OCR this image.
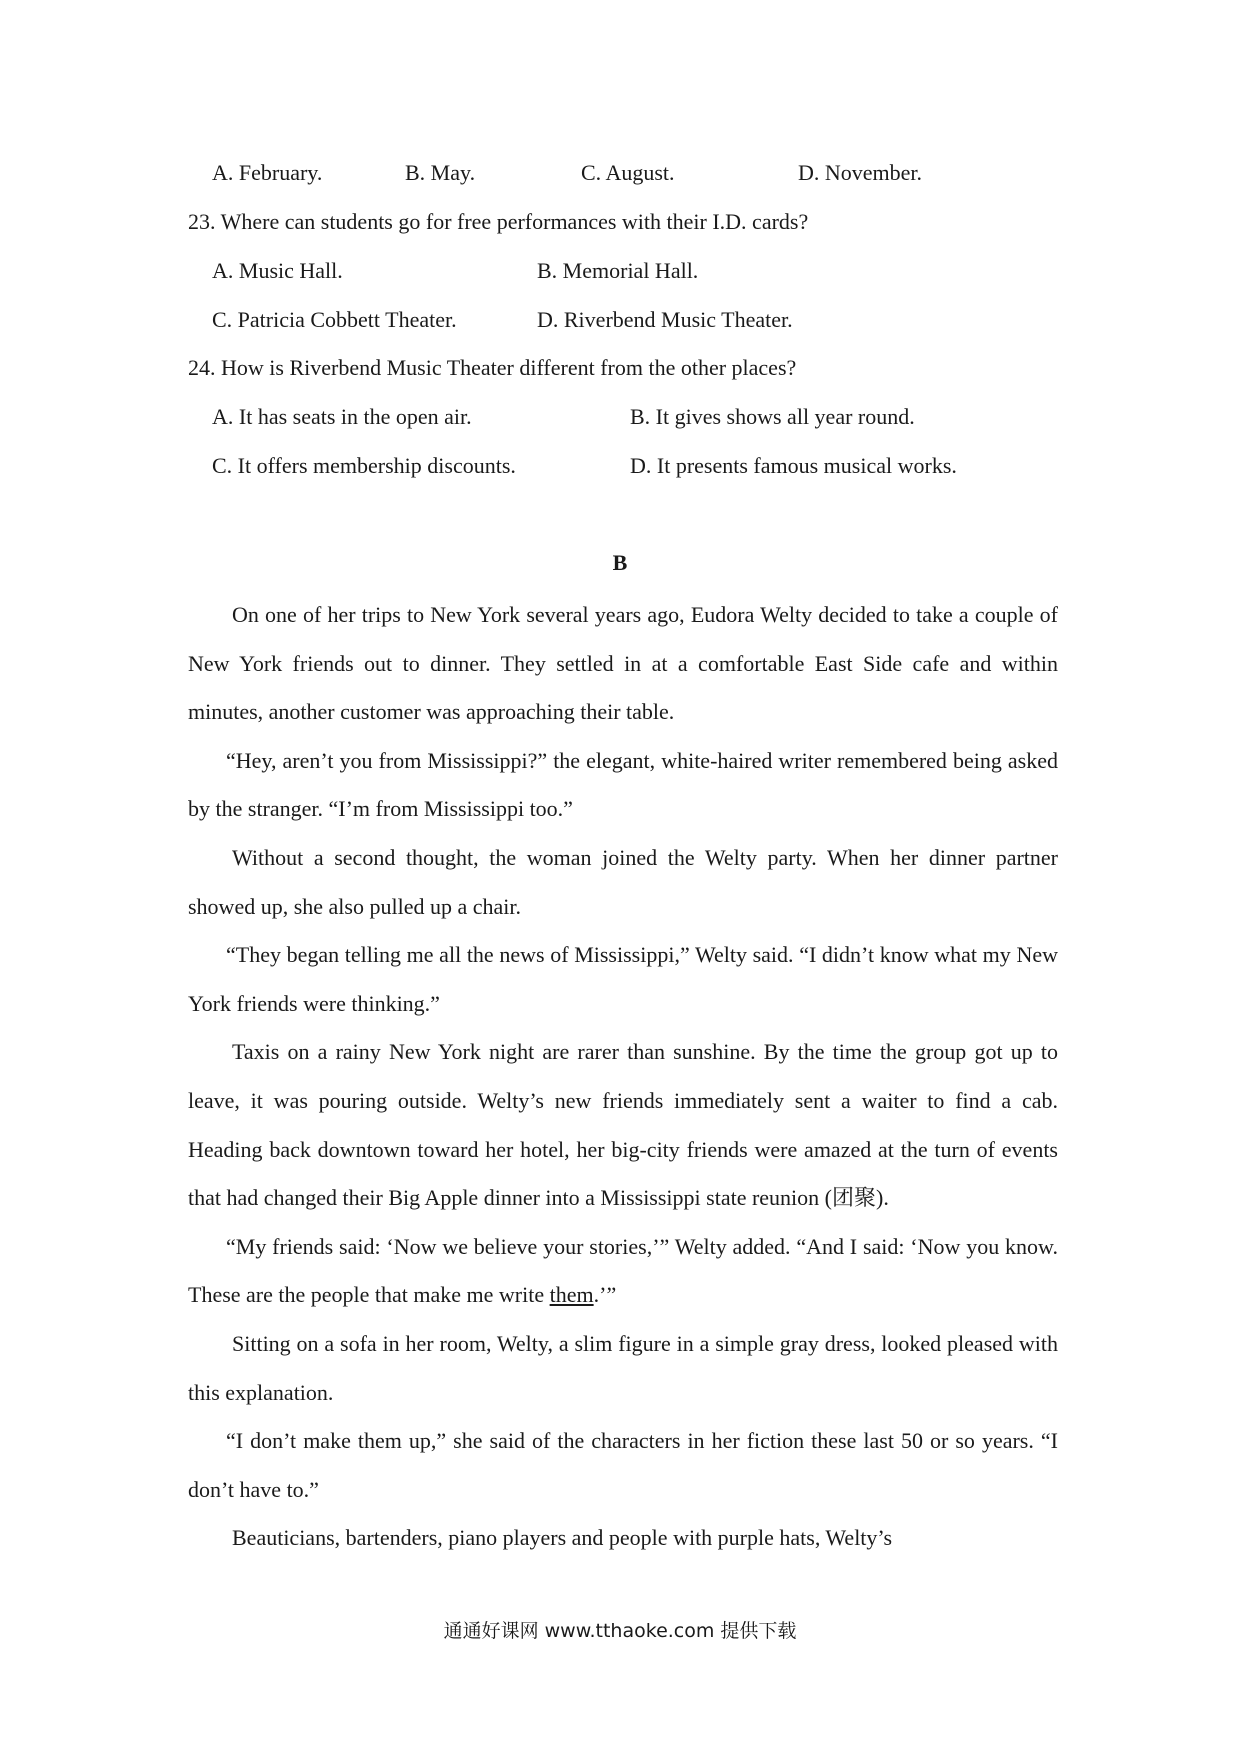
A. February.	B. May.	C. August.	D. November.
23. Where can students go for free performances with their I.D. cards?
A. Music Hall.	B. Memorial Hall.
C. Patricia Cobbett Theater.	D. Riverbend Music Theater.
24. How is Riverbend Music Theater different from the other places?
A. It has seats in the open air.	B. It gives shows all year round.
C. It offers membership discounts.	D. It presents famous musical works.
B

On one of her trips to New York several years ago, Eudora Welty decided to take a couple of New York friends out to dinner. They settled in at a comfortable East Side cafe and within minutes, another customer was approaching their table.

“Hey, aren’t you from Mississippi?” the elegant, white-haired writer remembered being asked by the stranger. “I’m from Mississippi too.”

Without a second thought, the woman joined the Welty party. When her dinner partner showed up, she also pulled up a chair.

“They began telling me all the news of Mississippi,” Welty said. “I didn’t know what my New York friends were thinking.”

Taxis on a rainy New York night are rarer than sunshine. By the time the group got up to leave, it was pouring outside. Welty’s new friends immediately sent a waiter to find a cab. Heading back downtown toward her hotel, her big-city friends were amazed at the turn of events that had changed their Big Apple dinner into a Mississippi state reunion (团聚).

“My friends said: ‘Now we believe your stories,’” Welty added. “And I said: ‘Now you know. These are the people that make me write them.’”

Sitting on a sofa in her room, Welty, a slim figure in a simple gray dress, looked pleased with this explanation.

“I don’t make them up,” she said of the characters in her fiction these last 50 or so years. “I don’t have to.”

Beauticians, bartenders, piano players and people with purple hats, Welty’s

通通好课网 www.tthaoke.com 提供下载
